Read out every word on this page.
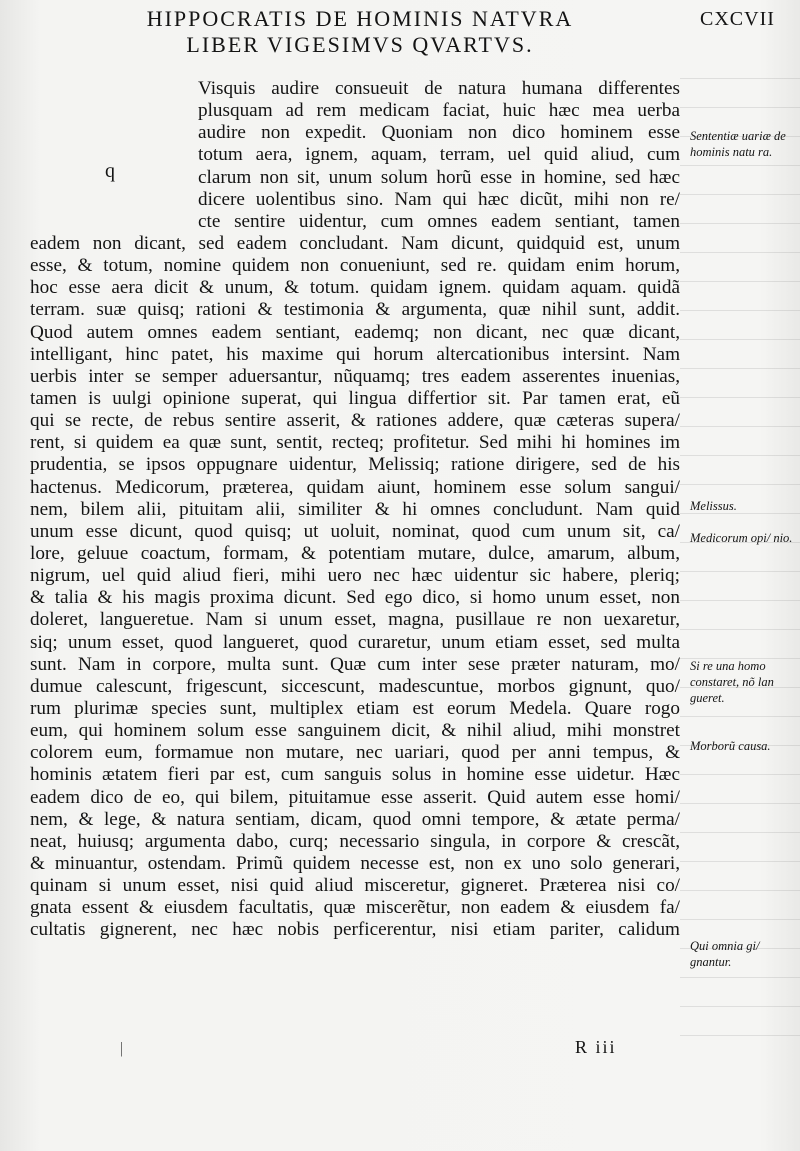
HIPPOCRATIS DE HOMINIS NATVRA
LIBER VIGESIMVS QVARTVS.
CXCVII
q
Visquis audire consueuit de natura humana differentes
plusquam ad rem medicam faciat, huic hæc mea uerba
audire non expedit. Quoniam non dico hominem esse
totum aera, ignem, aquam, terram, uel quid aliud, cum
clarum non sit, unum solum horũ esse in homine, sed hæc
dicere uolentibus sino. Nam qui hæc dicũt, mihi non re/
cte sentire uidentur, cum omnes eadem sentiant, tamen
eadem non dicant, sed eadem concludant. Nam dicunt, quidquid est, unum
esse, & totum, nomine quidem non conueniunt, sed re. quidam enim horum,
hoc esse aera dicit & unum, & totum. quidam ignem. quidam aquam. quidã
terram. suæ quisq; rationi & testimonia & argumenta, quæ nihil sunt, addit.
Quod autem omnes eadem sentiant, eademq; non dicant, nec quæ dicant,
intelligant, hinc patet, his maxime qui horum altercationibus intersint. Nam
uerbis inter se semper aduersantur, nũquamq; tres eadem asserentes inuenias,
tamen is uulgi opinione superat, qui lingua differtior sit. Par tamen erat, eũ
qui se recte, de rebus sentire asserit, & rationes addere, quæ cæteras supera/
rent, si quidem ea quæ sunt, sentit, recteq; profitetur. Sed mihi hi homines im
prudentia, se ipsos oppugnare uidentur, Melissiq; ratione dirigere, sed de his
hactenus. Medicorum, præterea, quidam aiunt, hominem esse solum sangui/
nem, bilem alii, pituitam alii, similiter & hi omnes concludunt. Nam quid
unum esse dicunt, quod quisq; ut uoluit, nominat, quod cum unum sit, ca/
lore, geluue coactum, formam, & potentiam mutare, dulce, amarum, album,
nigrum, uel quid aliud fieri, mihi uero nec hæc uidentur sic habere, pleriq;
& talia & his magis proxima dicunt. Sed ego dico, si homo unum esset, non
doleret, langueretue. Nam si unum esset, magna, pusillaue re non uexaretur,
siq; unum esset, quod langueret, quod curaretur, unum etiam esset, sed multa
sunt. Nam in corpore, multa sunt. Quæ cum inter sese præter naturam, mo/
dumue calescunt, frigescunt, siccescunt, madescuntue, morbos gignunt, quo/
rum plurimæ species sunt, multiplex etiam est eorum Medela. Quare rogo
eum, qui hominem solum esse sanguinem dicit, & nihil aliud, mihi monstret
colorem eum, formamue non mutare, nec uariari, quod per anni tempus, &
hominis ætatem fieri par est, cum sanguis solus in homine esse uidetur. Hæc
eadem dico de eo, qui bilem, pituitamue esse asserit. Quid autem esse homi/
nem, & lege, & natura sentiam, dicam, quod omni tempore, & ætate perma/
neat, huiusq; argumenta dabo, curq; necessario singula, in corpore & crescãt,
& minuantur, ostendam. Primũ quidem necesse est, non ex uno solo generari,
quinam si unum esset, nisi quid aliud misceretur, gigneret. Præterea nisi co/
gnata essent & eiusdem facultatis, quæ miscerẽtur, non eadem & eiusdem fa/
cultatis gignerent, nec hæc nobis perficerentur, nisi etiam pariter, calidum
Sententiæ uariæ de hominis natu ra.
Melissus.
Medicorum opi/ nio.
Si re una homo constaret, nõ lan gueret.
Morborũ causa.
Qui omnia gi/ gnantur.
R iii
|
